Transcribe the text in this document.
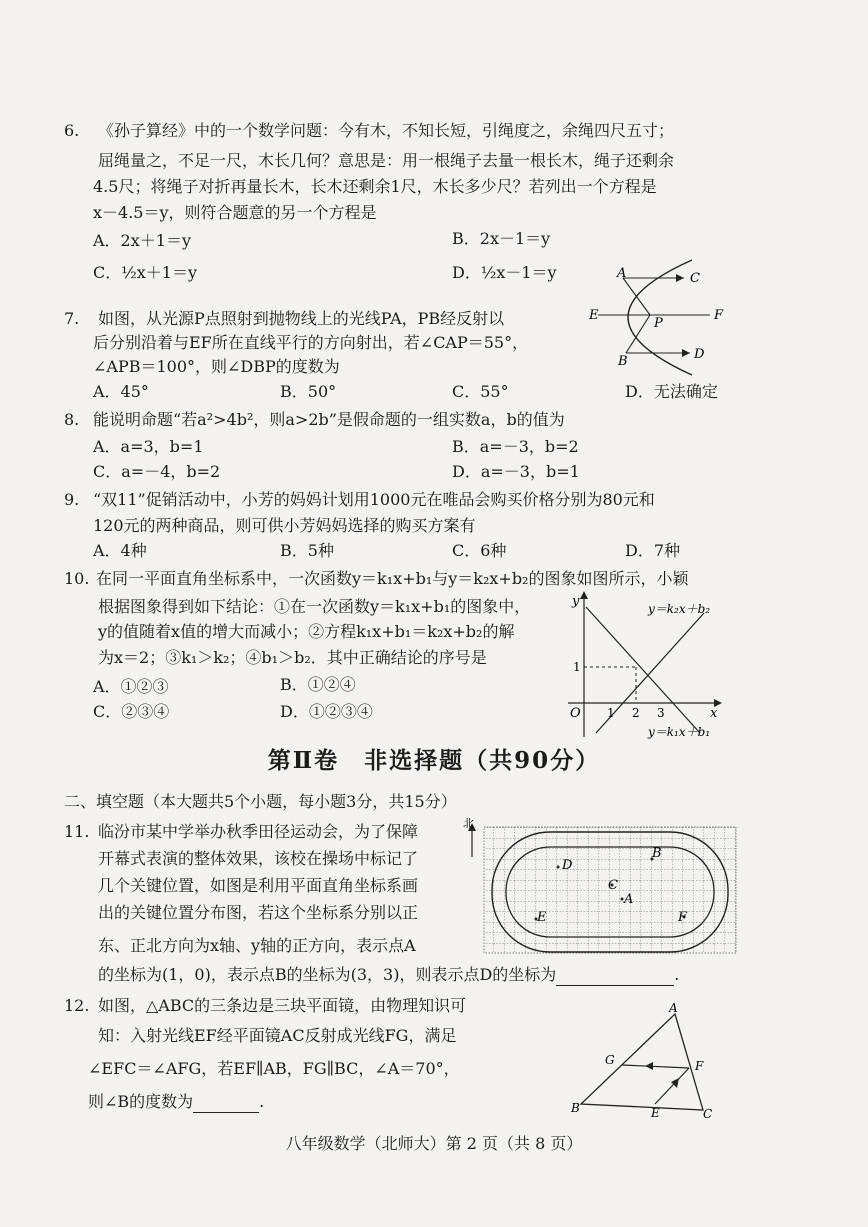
6. 《孙子算经》中的一个数学问题：今有木，不知长短，引绳度之，余绳四尺五寸；
屈绳量之，不足一尺，木长几何？意思是：用一根绳子去量一根长木，绳子还剩余
4.5尺；将绳子对折再量长木，长木还剩余1尺，木长多少尺？若列出一个方程是
x－4.5＝y，则符合题意的另一个方程是
A．2x＋1＝y	B．2x－1＝y
C．½x＋1＝y	D．½x－1＝y	A	C
E
P
F
B	D
7. 如图，从光源P点照射到抛物线上的光线PA，PB经反射以
后分别沿着与EF所在直线平行的方向射出，若∠CAP＝55°，
∠APB＝100°，则∠DBP的度数为
A．45°	B．50°	C．55°	D．无法确定
8. 能说明命题“若a²>4b²，则a>2b”是假命题的一组实数a，b的值为
A．a=3，b=1	B．a=－3，b=2
C．a=－4，b=2	D．a=－3，b=1
9. “双11”促销活动中，小芳的妈妈计划用1000元在唯品会购买价格分别为80元和
120元的两种商品，则可供小芳妈妈选择的购买方案有
A．4种	B．5种	C．6种	D．7种
10. 在同一平面直角坐标系中，一次函数y＝k₁x+b₁与y＝k₂x+b₂的图象如图所示，小颖
根据图象得到如下结论：①在一次函数y＝k₁x+b₁的图象中，
y的值随着x值的增大而减小；②方程k₁x+b₁＝k₂x+b₂的解
为x＝2；③k₁＞k₂；④b₁＞b₂．其中正确结论的序号是
A．①②③	B．①②④
C．②③④	D．①②③④
y
x
O 1 2 3
1
y＝k₂x＋b₂
y＝k₁x＋b₁
第Ⅱ卷　非选择题（共90分）
二、填空题（本大题共5个小题，每小题3分，共15分）
11. 临汾市某中学举办秋季田径运动会，为了保障
开幕式表演的整体效果，该校在操场中标记了
几个关键位置，如图是利用平面直角坐标系画
出的关键位置分布图，若这个坐标系分别以正
东、正北方向为x轴、y轴的正方向，表示点A
的坐标为(1，0)，表示点B的坐标为(3，3)，则表示点D的坐标为	.
北
B
D
C
A
E	F
12. 如图，△ABC的三条边是三块平面镜，由物理知识可
知：入射光线EF经平面镜AC反射成光线FG，满足
∠EFC＝∠AFG，若EF∥AB，FG∥BC，∠A＝70°，
则∠B的度数为	.
A
G	F
B	E	C
八年级数学（北师大）第 2 页（共 8 页）
